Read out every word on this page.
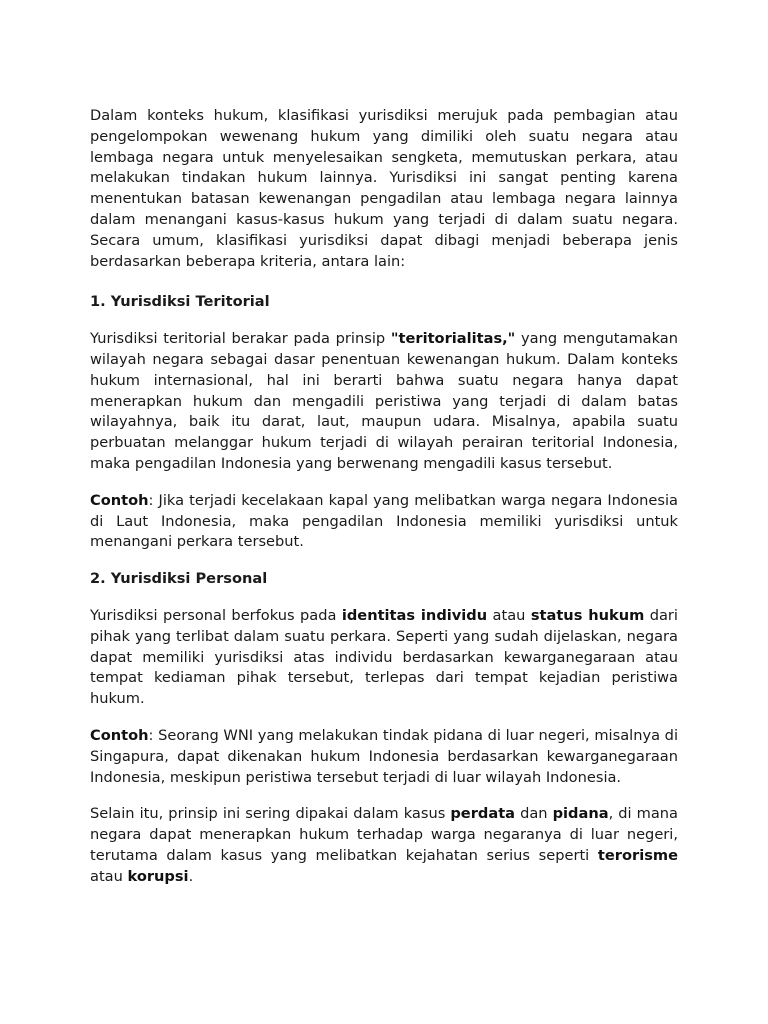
Dalam konteks hukum, klasifikasi yurisdiksi merujuk pada pembagian atau pengelompokan wewenang hukum yang dimiliki oleh suatu negara atau lembaga negara untuk menyelesaikan sengketa, memutuskan perkara, atau melakukan tindakan hukum lainnya. Yurisdiksi ini sangat penting karena menentukan batasan kewenangan pengadilan atau lembaga negara lainnya dalam menangani kasus-kasus hukum yang terjadi di dalam suatu negara. Secara umum, klasifikasi yurisdiksi dapat dibagi menjadi beberapa jenis berdasarkan beberapa kriteria, antara lain:

1. Yurisdiksi Teritorial

Yurisdiksi teritorial berakar pada prinsip "teritorialitas," yang mengutamakan wilayah negara sebagai dasar penentuan kewenangan hukum. Dalam konteks hukum internasional, hal ini berarti bahwa suatu negara hanya dapat menerapkan hukum dan mengadili peristiwa yang terjadi di dalam batas wilayahnya, baik itu darat, laut, maupun udara. Misalnya, apabila suatu perbuatan melanggar hukum terjadi di wilayah perairan teritorial Indonesia, maka pengadilan Indonesia yang berwenang mengadili kasus tersebut.

Contoh: Jika terjadi kecelakaan kapal yang melibatkan warga negara Indonesia di Laut Indonesia, maka pengadilan Indonesia memiliki yurisdiksi untuk menangani perkara tersebut.

2. Yurisdiksi Personal

Yurisdiksi personal berfokus pada identitas individu atau status hukum dari pihak yang terlibat dalam suatu perkara. Seperti yang sudah dijelaskan, negara dapat memiliki yurisdiksi atas individu berdasarkan kewarganegaraan atau tempat kediaman pihak tersebut, terlepas dari tempat kejadian peristiwa hukum.

Contoh: Seorang WNI yang melakukan tindak pidana di luar negeri, misalnya di Singapura, dapat dikenakan hukum Indonesia berdasarkan kewarganegaraan Indonesia, meskipun peristiwa tersebut terjadi di luar wilayah Indonesia.

Selain itu, prinsip ini sering dipakai dalam kasus perdata dan pidana, di mana negara dapat menerapkan hukum terhadap warga negaranya di luar negeri, terutama dalam kasus yang melibatkan kejahatan serius seperti terorisme atau korupsi.
